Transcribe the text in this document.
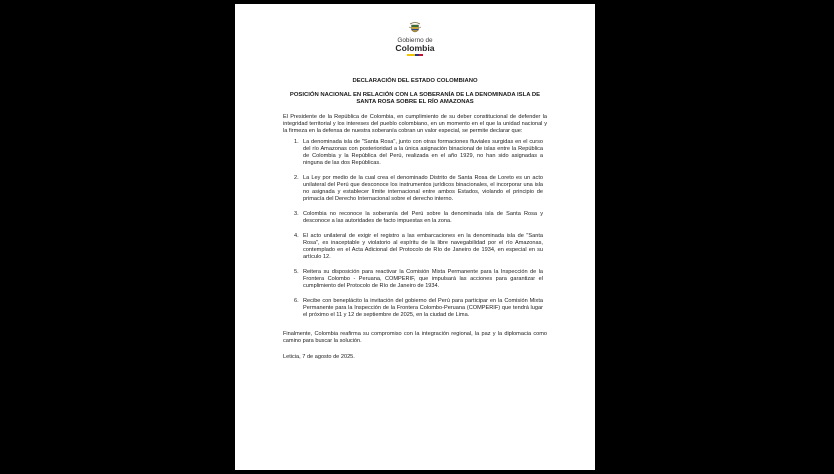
Gobierno de
Colombia

DECLARACIÓN DEL ESTADO COLOMBIANO

POSICIÓN NACIONAL EN RELACIÓN CON LA SOBERANÍA DE LA DENOMINADA ISLA DE SANTA ROSA SOBRE EL RÍO AMAZONAS

El Presidente de la República de Colombia, en cumplimiento de su deber constitucional de defender la integridad territorial y los intereses del pueblo colombiano, en un momento en el que la unidad nacional y la firmeza en la defensa de nuestra soberanía cobran un valor especial, se permite declarar que:

1. La denominada isla de "Santa Rosa", junto con otras formaciones fluviales surgidas en el curso del río Amazonas con posterioridad a la única asignación binacional de islas entre la República de Colombia y la República del Perú, realizada en el año 1929, no han sido asignadas a ninguna de las dos Repúblicas.
2. La Ley por medio de la cual crea el denominado Distrito de Santa Rosa de Loreto es un acto unilateral del Perú que desconoce los instrumentos jurídicos binacionales, el incorporar una isla no asignada y establecer límite internacional entre ambos Estados, violando el principio de primacía del Derecho Internacional sobre el derecho interno.
3. Colombia no reconoce la soberanía del Perú sobre la denominada isla de Santa Rosa y desconoce a las autoridades de facto impuestas en la zona.
4. El acto unilateral de exigir el registro a las embarcaciones en la denominada isla de "Santa Rosa", es inaceptable y violatorio al espíritu de la libre navegabilidad por el río Amazonas, contemplado en el Acta Adicional del Protocolo de Río de Janeiro de 1934, en especial en su artículo 12.
5. Reitera su disposición para reactivar la Comisión Mixta Permanente para la Inspección de la Frontera Colombo - Peruana, COMPERIF, que impulsará las acciones para garantizar el cumplimiento del Protocolo de Río de Janeiro de 1934.
6. Recibe con beneplácito la invitación del gobierno del Perú para participar en la Comisión Mixta Permanente para la Inspección de la Frontera Colombo-Peruana (COMPERIF) que tendrá lugar el próximo el 11 y 12 de septiembre de 2025, en la ciudad de Lima.

Finalmente, Colombia reafirma su compromiso con la integración regional, la paz y la diplomacia como camino para buscar la solución.

Leticia, 7 de agosto de 2025.
